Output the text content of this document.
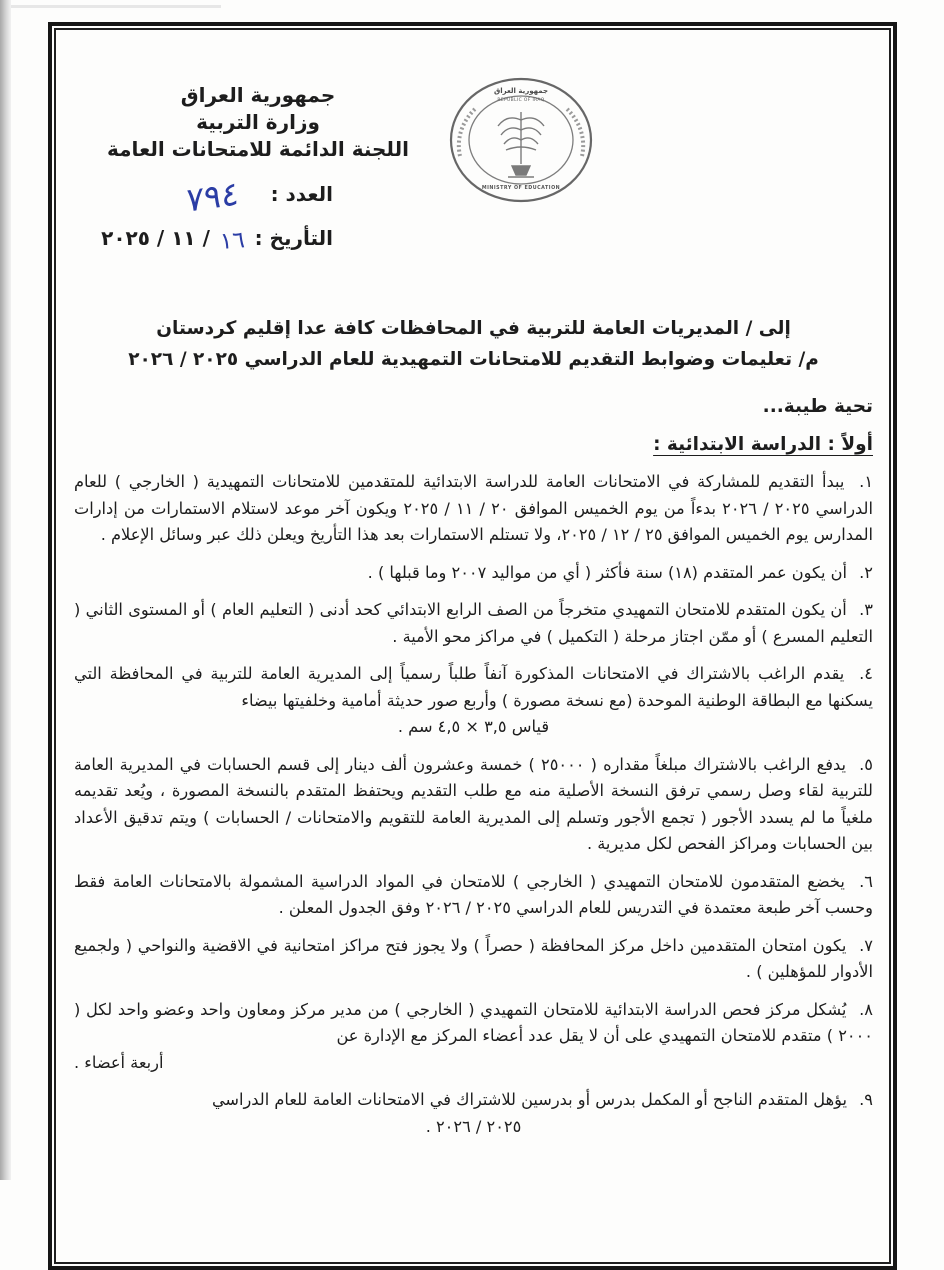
جمهورية العراق
وزارة التربية
اللجنة الدائمة للامتحانات العامة
جمهورية العراق
REPUBLIC OF IRAQ
MINISTRY OF EDUCATION
العدد : ٧٩٤
التأريخ : ١٦ / ١١ / ٢٠٢٥
إلى / المديريات العامة للتربية في المحافظات كافة عدا إقليم كردستان
م/ تعليمات وضوابط التقديم للامتحانات التمهيدية للعام الدراسي ٢٠٢٥ / ٢٠٢٦
تحية طيبة...
أولاً : الدراسة الابتدائية :
١. يبدأ التقديم للمشاركة في الامتحانات العامة للدراسة الابتدائية للمتقدمين للامتحانات التمهيدية ( الخارجي ) للعام الدراسي ٢٠٢٥ / ٢٠٢٦ بدءاً من يوم الخميس الموافق ٢٠ / ١١ / ٢٠٢٥ ويكون آخر موعد لاستلام الاستمارات من إدارات المدارس يوم الخميس الموافق ٢٥ / ١٢ / ٢٠٢٥، ولا تستلم الاستمارات بعد هذا التأريخ ويعلن ذلك عبر وسائل الإعلام .
٢. أن يكون عمر المتقدم (١٨) سنة فأكثر ( أي من مواليد ٢٠٠٧ وما قبلها ) .
٣. أن يكون المتقدم للامتحان التمهيدي متخرجاً من الصف الرابع الابتدائي كحد أدنى ( التعليم العام ) أو المستوى الثاني ( التعليم المسرع ) أو ممّن اجتاز مرحلة ( التكميل ) في مراكز محو الأمية .
٤. يقدم الراغب بالاشتراك في الامتحانات المذكورة آنفاً طلباً رسمياً إلى المديرية العامة للتربية في المحافظة التي يسكنها مع البطاقة الوطنية الموحدة (مع نسخة مصورة ) وأربع صور حديثة أمامية وخلفيتها بيضاء
قياس ٣,٥ × ٤,٥ سم .
٥. يدفع الراغب بالاشتراك مبلغاً مقداره ( ٢٥٠٠٠ ) خمسة وعشرون ألف دينار إلى قسم الحسابات في المديرية العامة للتربية لقاء وصل رسمي ترفق النسخة الأصلية منه مع طلب التقديم ويحتفظ المتقدم بالنسخة المصورة ، ويُعد تقديمه ملغياً ما لم يسدد الأجور ( تجمع الأجور وتسلم إلى المديرية العامة للتقويم والامتحانات / الحسابات ) ويتم تدقيق الأعداد بين الحسابات ومراكز الفحص لكل مديرية .
٦. يخضع المتقدمون للامتحان التمهيدي ( الخارجي ) للامتحان في المواد الدراسية المشمولة بالامتحانات العامة فقط وحسب آخر طبعة معتمدة في التدريس للعام الدراسي ٢٠٢٥ / ٢٠٢٦ وفق الجدول المعلن .
٧. يكون امتحان المتقدمين داخل مركز المحافظة ( حصراً ) ولا يجوز فتح مراكز امتحانية في الاقضية والنواحي ( ولجميع الأدوار للمؤهلين ) .
٨. يُشكل مركز فحص الدراسة الابتدائية للامتحان التمهيدي ( الخارجي ) من مدير مركز ومعاون واحد وعضو واحد لكل ( ٢٠٠٠ ) متقدم للامتحان التمهيدي على أن لا يقل عدد أعضاء المركز مع الإدارة عن
أربعة أعضاء .
٩. يؤهل المتقدم الناجح أو المكمل بدرس أو بدرسين للاشتراك في الامتحانات العامة للعام الدراسي
٢٠٢٥ / ٢٠٢٦ .
